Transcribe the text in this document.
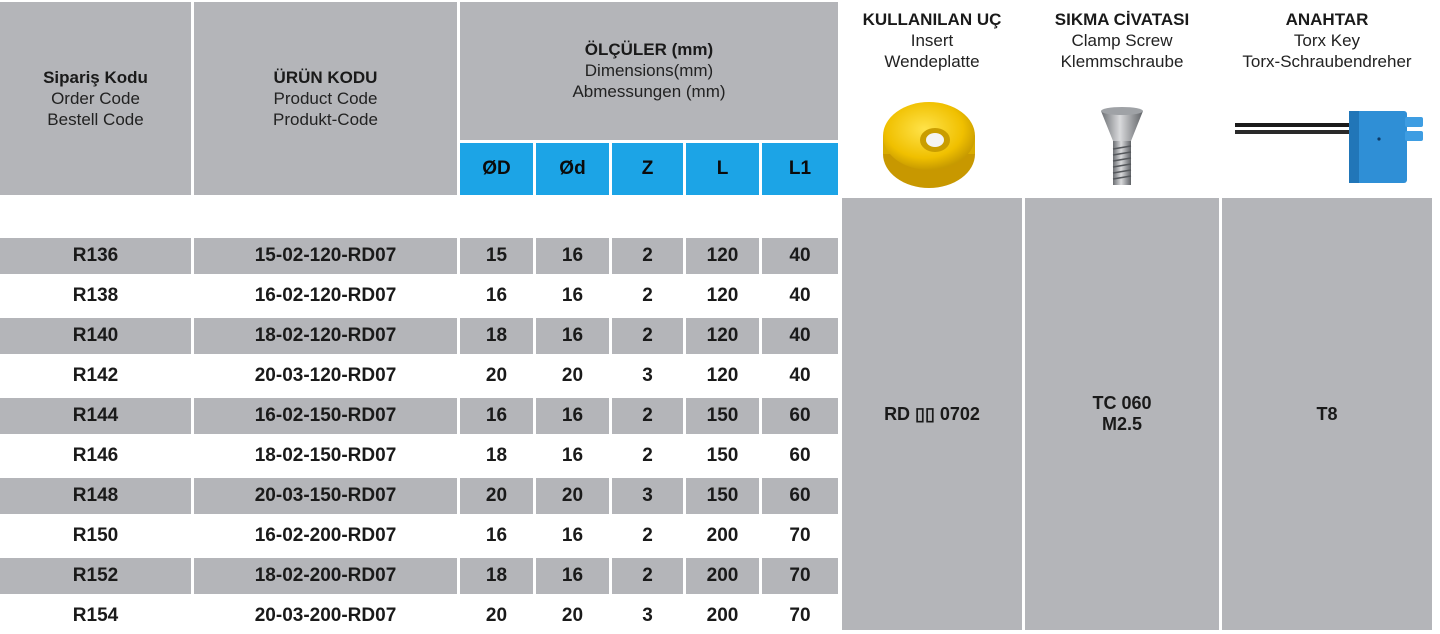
Sipariş Kodu
Order Code
Bestell Code
ÜRÜN KODU
Product Code
Produkt-Code
ÖLÇÜLER (mm)
Dimensions(mm)
Abmessungen (mm)
ØD	Ød	Z	L	L1
KULLANILAN UÇ
Insert
Wendeplatte
SIKMA CİVATASI
Clamp Screw
Klemmschraube
ANAHTAR
Torx Key
Torx-Schraubendreher
RD ▯▯ 0702
TC 060
M2.5
T8
R136	15-02-120-RD07	15	16	2	120	40
R138	16-02-120-RD07	16	16	2	120	40
R140	18-02-120-RD07	18	16	2	120	40
R142	20-03-120-RD07	20	20	3	120	40
R144	16-02-150-RD07	16	16	2	150	60
R146	18-02-150-RD07	18	16	2	150	60
R148	20-03-150-RD07	20	20	3	150	60
R150	16-02-200-RD07	16	16	2	200	70
R152	18-02-200-RD07	18	16	2	200	70
R154	20-03-200-RD07	20	20	3	200	70
